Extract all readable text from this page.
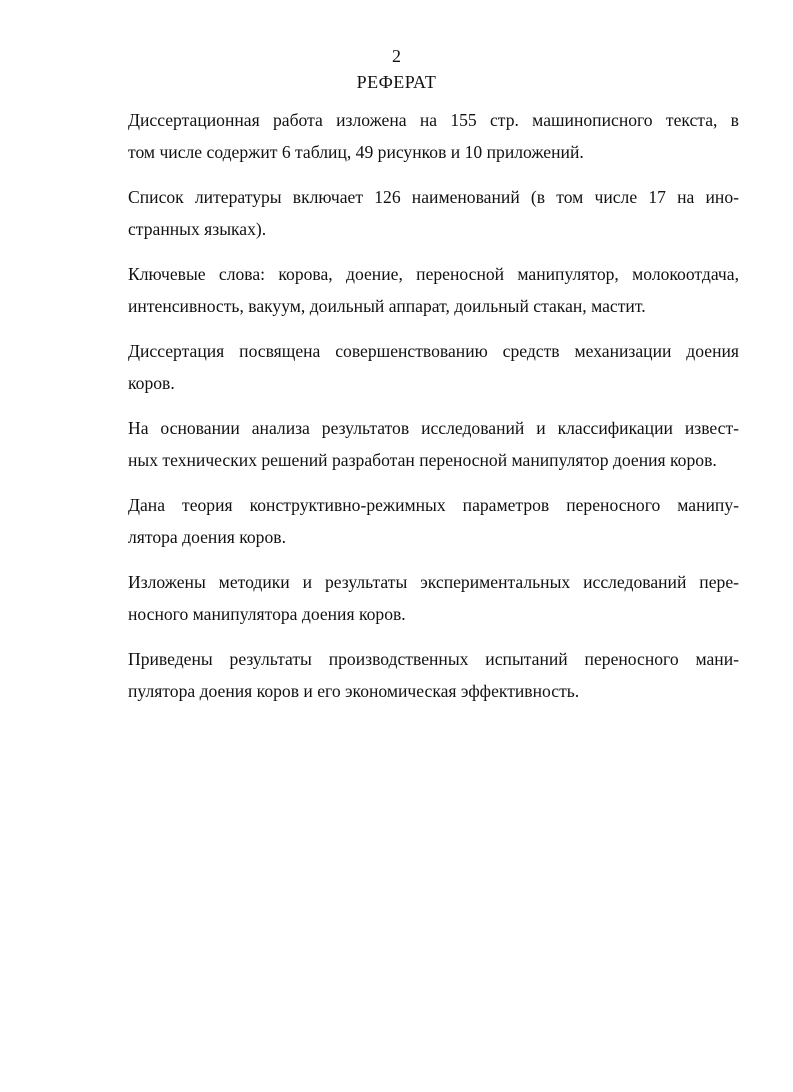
2
РЕФЕРАТ

Диссертационная работа изложена на 155 стр. машинописного текста, в
том числе содержит 6 таблиц, 49 рисунков и 10 приложений.

Список литературы включает 126 наименований (в том числе 17 на ино-
странных языках).

Ключевые слова: корова, доение, переносной манипулятор, молокоотдача,
интенсивность, вакуум, доильный аппарат, доильный стакан, мастит.

Диссертация посвящена совершенствованию средств механизации доения
коров.

На основании анализа результатов исследований и классификации извест-
ных технических решений разработан переносной манипулятор доения коров.

Дана теория конструктивно-режимных параметров переносного манипу-
лятора доения коров.

Изложены методики и результаты экспериментальных исследований пере-
носного манипулятора доения коров.

Приведены результаты производственных испытаний переносного мани-
пулятора доения коров и его экономическая эффективность.
